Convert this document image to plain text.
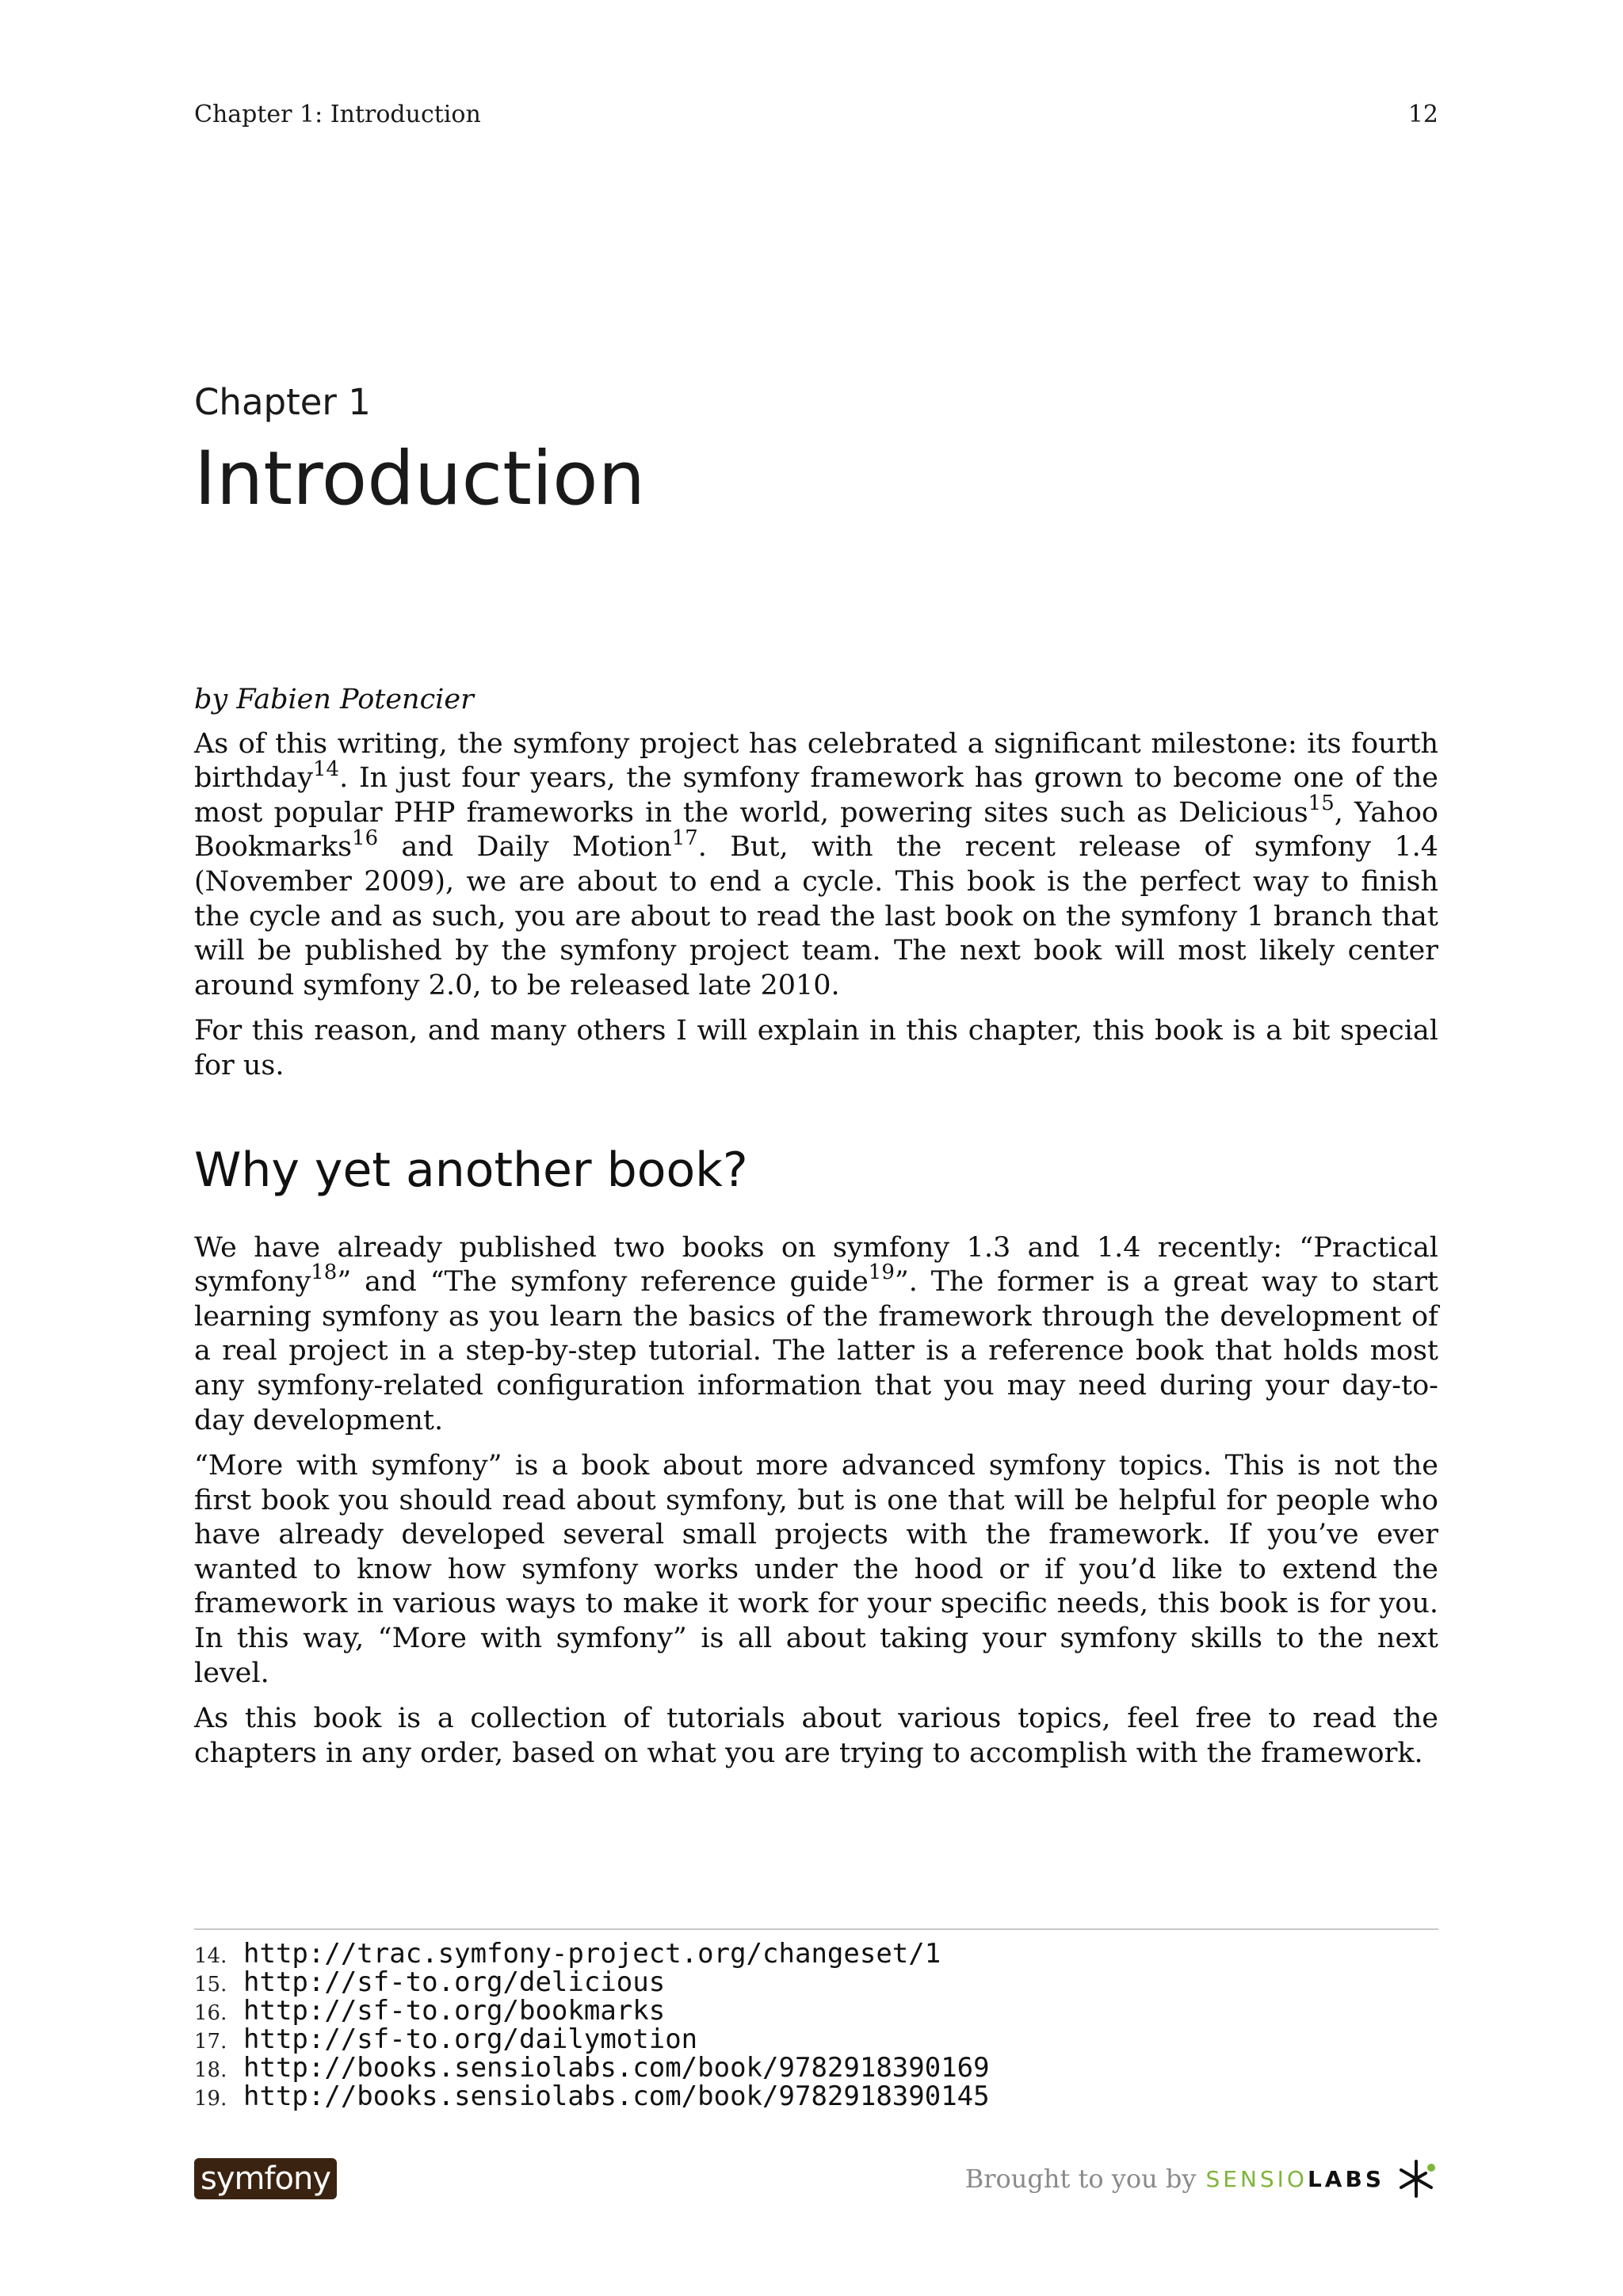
Chapter 1: Introduction	12
Chapter 1
Introduction

by Fabien Potencier

As of this writing, the symfony project has celebrated a significant milestone: its fourth birthday$^{14}$. In just four years, the symfony framework has grown to become one of the most popular PHP frameworks in the world, powering sites such as Delicious$^{15}$, Yahoo Bookmarks$^{16}$ and Daily Motion$^{17}$. But, with the recent release of symfony 1.4 (November 2009), we are about to end a cycle. This book is the perfect way to finish the cycle and as such, you are about to read the last book on the symfony 1 branch that will be published by the symfony project team. The next book will most likely center around symfony 2.0, to be released late 2010.

For this reason, and many others I will explain in this chapter, this book is a bit special for us.

Why yet another book?

We have already published two books on symfony 1.3 and 1.4 recently: “Practical symfony$^{18}$” and “The symfony reference guide$^{19}$”. The former is a great way to start learning symfony as you learn the basics of the framework through the development of a real project in a step-by-step tutorial. The latter is a reference book that holds most any symfony-related configuration information that you may need during your day-to-day development.

“More with symfony” is a book about more advanced symfony topics. This is not the first book you should read about symfony, but is one that will be helpful for people who have already developed several small projects with the framework. If you’ve ever wanted to know how symfony works under the hood or if you’d like to extend the framework in various ways to make it work for your specific needs, this book is for you. In this way, “More with symfony” is all about taking your symfony skills to the next level.

As this book is a collection of tutorials about various topics, feel free to read the chapters in any order, based on what you are trying to accomplish with the framework.

14. http://trac.symfony-project.org/changeset/1
15. http://sf-to.org/delicious
16. http://sf-to.org/bookmarks
17. http://sf-to.org/dailymotion
18. http://books.sensiolabs.com/book/9782918390169
19. http://books.sensiolabs.com/book/9782918390145
symfony	Brought to you by SENSIOLABS
